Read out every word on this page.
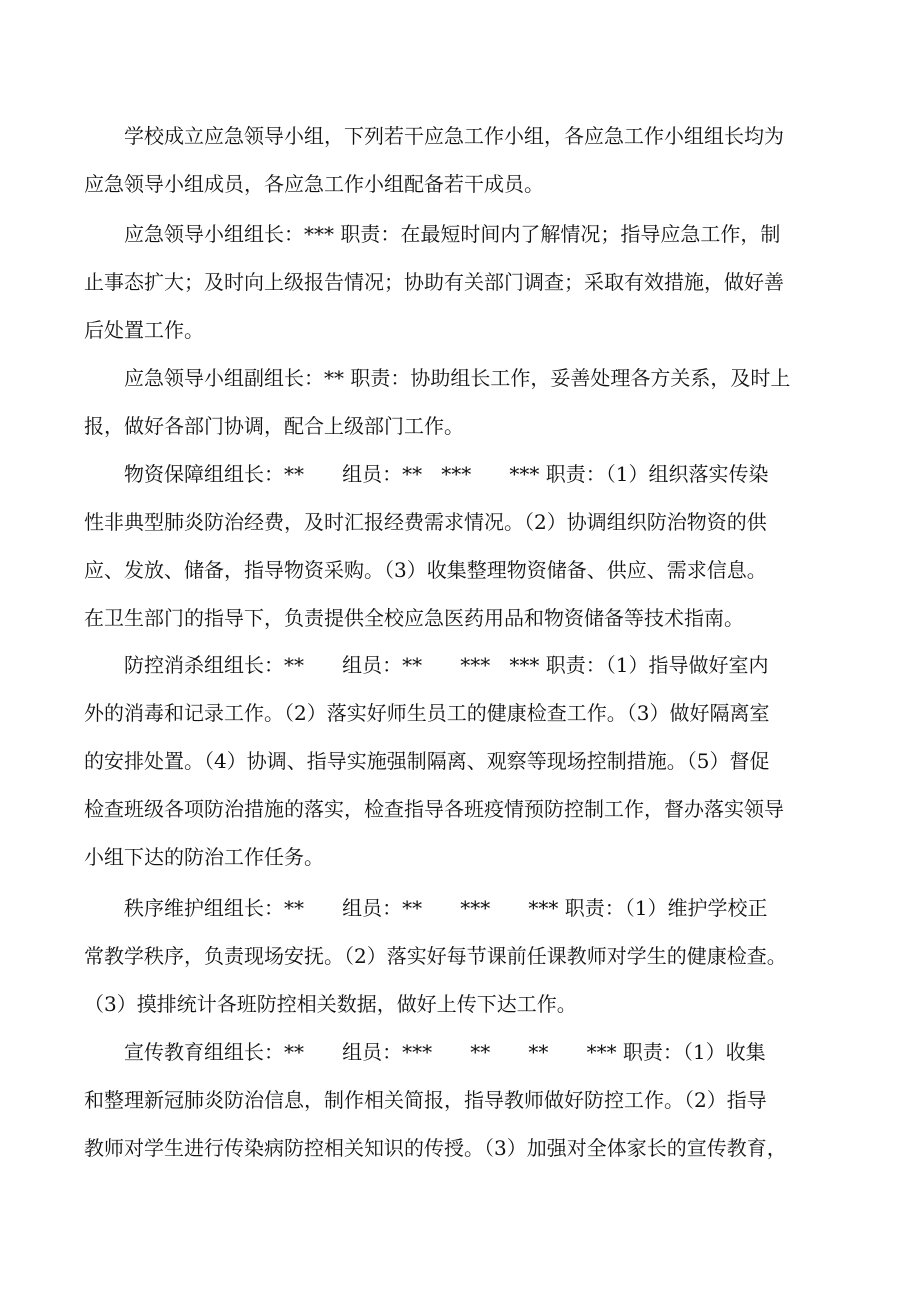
学校成立应急领导小组，下列若干应急工作小组，各应急工作小组组长均为
应急领导小组成员，各应急工作小组配备若干成员。

应急领导小组组长：*** 职责：在最短时间内了解情况；指导应急工作，制
止事态扩大；及时向上级报告情况；协助有关部门调查；采取有效措施，做好善
后处置工作。

应急领导小组副组长：** 职责：协助组长工作，妥善处理各方关系，及时上
报，做好各部门协调，配合上级部门工作。

物资保障组组长：**      组员：**   ***      *** 职责：（1）组织落实传染
性非典型肺炎防治经费，及时汇报经费需求情况。（2）协调组织防治物资的供
应、发放、储备，指导物资采购。（3）收集整理物资储备、供应、需求信息。
在卫生部门的指导下，负责提供全校应急医药用品和物资储备等技术指南。

防控消杀组组长：**      组员：**      ***   *** 职责：（1）指导做好室内
外的消毒和记录工作。（2）落实好师生员工的健康检查工作。（3）做好隔离室
的安排处置。（4）协调、指导实施强制隔离、观察等现场控制措施。（5）督促
检查班级各项防治措施的落实，检查指导各班疫情预防控制工作，督办落实领导
小组下达的防治工作任务。

秩序维护组组长：**      组员：**      ***      *** 职责：（1）维护学校正
常教学秩序，负责现场安抚。（2）落实好每节课前任课教师对学生的健康检查。
（3）摸排统计各班防控相关数据，做好上传下达工作。

宣传教育组组长：**      组员：***      **      **      *** 职责：（1）收集
和整理新冠肺炎防治信息，制作相关简报，指导教师做好防控工作。（2）指导
教师对学生进行传染病防控相关知识的传授。（3）加强对全体家长的宣传教育，
